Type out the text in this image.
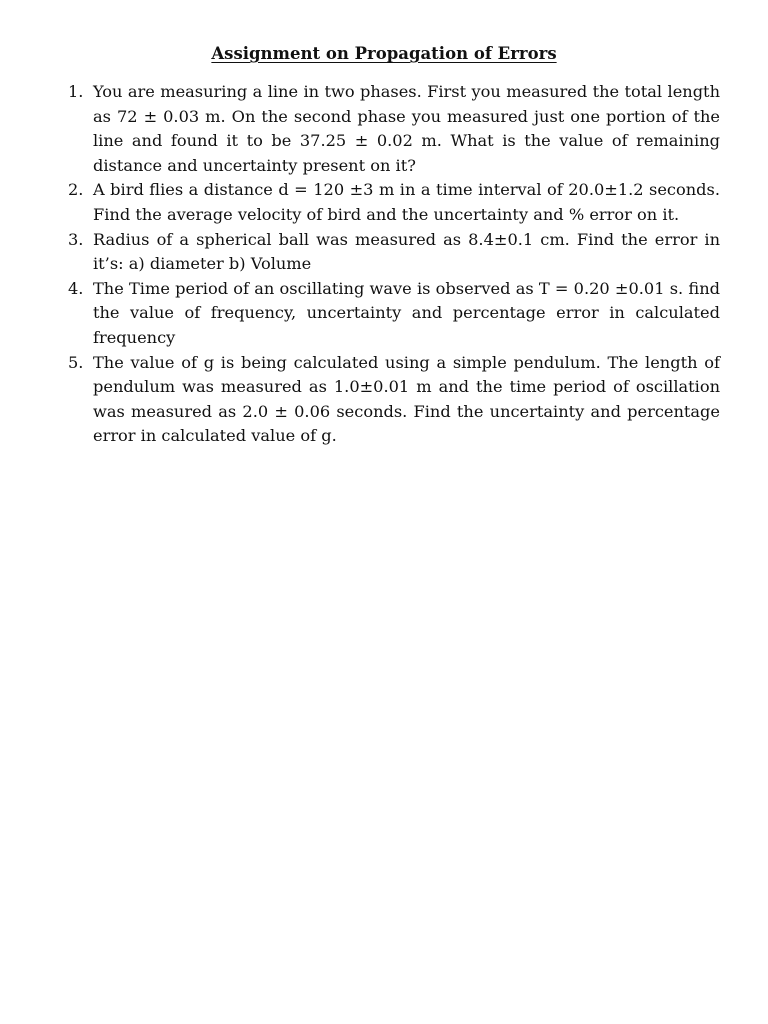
Assignment on Propagation of Errors
1. You are measuring a line in two phases. First you measured the total length as 72 ± 0.03 m. On the second phase you measured just one portion of the line and found it to be 37.25 ± 0.02 m. What is the value of remaining distance and uncertainty present on it?
2. A bird flies a distance d = 120 ±3 m in a time interval of 20.0±1.2 seconds. Find the average velocity of bird and the uncertainty and % error on it.
3. Radius of a spherical ball was measured as 8.4±0.1 cm. Find the error in it’s: a) diameter b) Volume
4. The Time period of an oscillating wave is observed as T = 0.20 ±0.01 s. find the value of frequency, uncertainty and percentage error in calculated frequency
5. The value of g is being calculated using a simple pendulum. The length of pendulum was measured as 1.0±0.01 m and the time period of oscillation was measured as 2.0 ± 0.06 seconds. Find the uncertainty and percentage error in calculated value of g.
